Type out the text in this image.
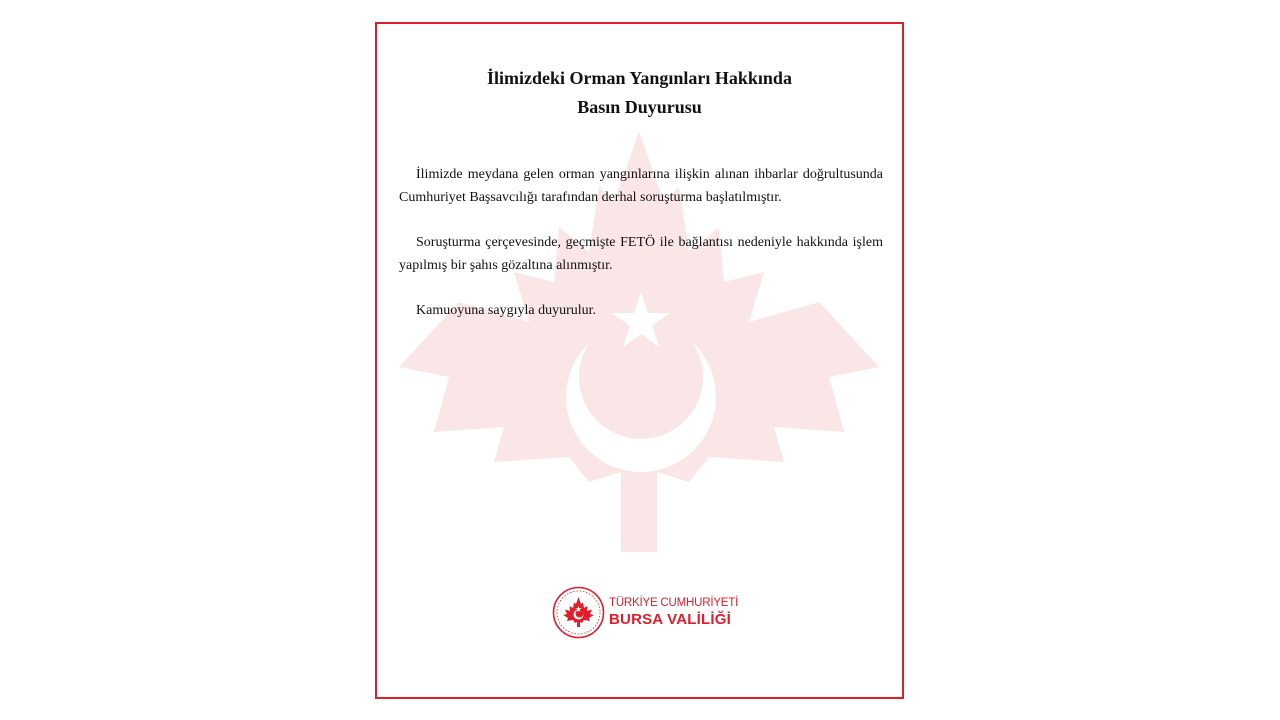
İlimizdeki Orman Yangınları Hakkında
Basın Duyurusu

İlimizde meydana gelen orman yangınlarına ilişkin alınan ihbarlar doğrultusunda Cumhuriyet Başsavcılığı tarafından derhal soruşturma başlatılmıştır.

Soruşturma çerçevesinde, geçmişte FETÖ ile bağlantısı nedeniyle hakkında işlem yapılmış bir şahıs gözaltına alınmıştır.

Kamuoyuna saygıyla duyurulur.

TÜRKİYE CUMHURİYETİ
BURSA VALİLİĞİ
